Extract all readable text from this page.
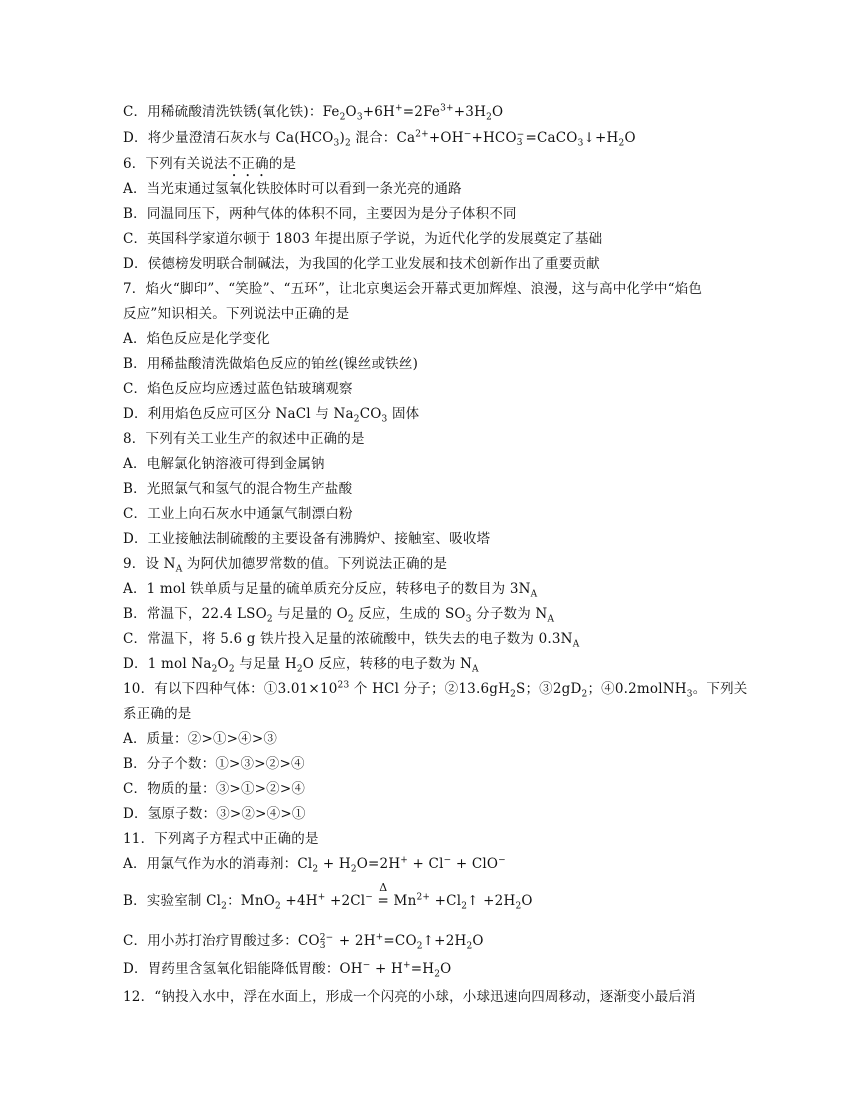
C．用稀硫酸清洗铁锈(氧化铁)：$Fe_2O_3+6H^+=2Fe^{3+}+3H_2O$
D．将少量澄清石灰水与 $Ca(HCO_3)_2$ 混合：$Ca^{2+}+OH^-+HCO$ −
$3 =CaCO_3↓+H_2O$
6．下列有关说法不正确的是
A．当光束通过氢氧化铁胶体时可以看到一条光亮的通路
B．同温同压下，两种气体的体积不同，主要因为是分子体积不同
C．英国科学家道尔顿于 1803 年提出原子学说，为近代化学的发展奠定了基础
D．侯德榜发明联合制碱法，为我国的化学工业发展和技术创新作出了重要贡献
7．焰火“脚印”、“笑脸”、“五环”，让北京奥运会开幕式更加辉煌、浪漫，这与高中化学中“焰色
反应”知识相关。下列说法中正确的是
A．焰色反应是化学变化
B．用稀盐酸清洗做焰色反应的铂丝(镍丝或铁丝)
C．焰色反应均应透过蓝色钴玻璃观察
D．利用焰色反应可区分 NaCl 与 $Na_2CO_3$ 固体
8．下列有关工业生产的叙述中正确的是
A．电解氯化钠溶液可得到金属钠
B．光照氯气和氢气的混合物生产盐酸
C．工业上向石灰水中通氯气制漂白粉
D．工业接触法制硫酸的主要设备有沸腾炉、接触室、吸收塔
9．设 $N_A$ 为阿伏加德罗常数的值。下列说法正确的是
A．1 mol 铁单质与足量的硫单质充分反应，转移电子的数目为 $3N_A$
B．常温下，22.4 $LSO_2$ 与足量的 $O_2$ 反应，生成的 $SO_3$ 分子数为 $N_A$
C．常温下，将 5.6 g 铁片投入足量的浓硫酸中，铁失去的电子数为 $0.3N_A$
D．1 mol $Na_2O_2$ 与足量 $H_2O$ 反应，转移的电子数为 $N_A$
10．有以下四种气体：$①3.01\times 10^{23}$ 个 HCl 分子；$②13.6gH_2S$；$③2gD_2$；④0.2molNH$_3$。下列关
系正确的是
A．质量：②>①>④>③
B．分子个数：①>③>②>④
C．物质的量：③>①>②>④
D．氢原子数：③>②>④>①
11．下列离子方程式中正确的是
A．用氯气作为水的消毒剂：$Cl_2 + H_2O=2H^+ + Cl^- + ClO^-$
B．实验室制 $Cl_2$：MnO$_2$ +4H+ +2Cl−
Δ
= $Mn^{2+}$ $+Cl_2↑ +2H_2O$
C．用小苏打治疗胃酸过多：CO 2−
$3 + 2H^+=CO_2↑+2H_2O$
D．胃药里含氢氧化铝能降低胃酸：$OH^- + H^+=H_2O$
12．“钠投入水中，浮在水面上，形成一个闪亮的小球，小球迅速向四周移动，逐渐变小最后消
